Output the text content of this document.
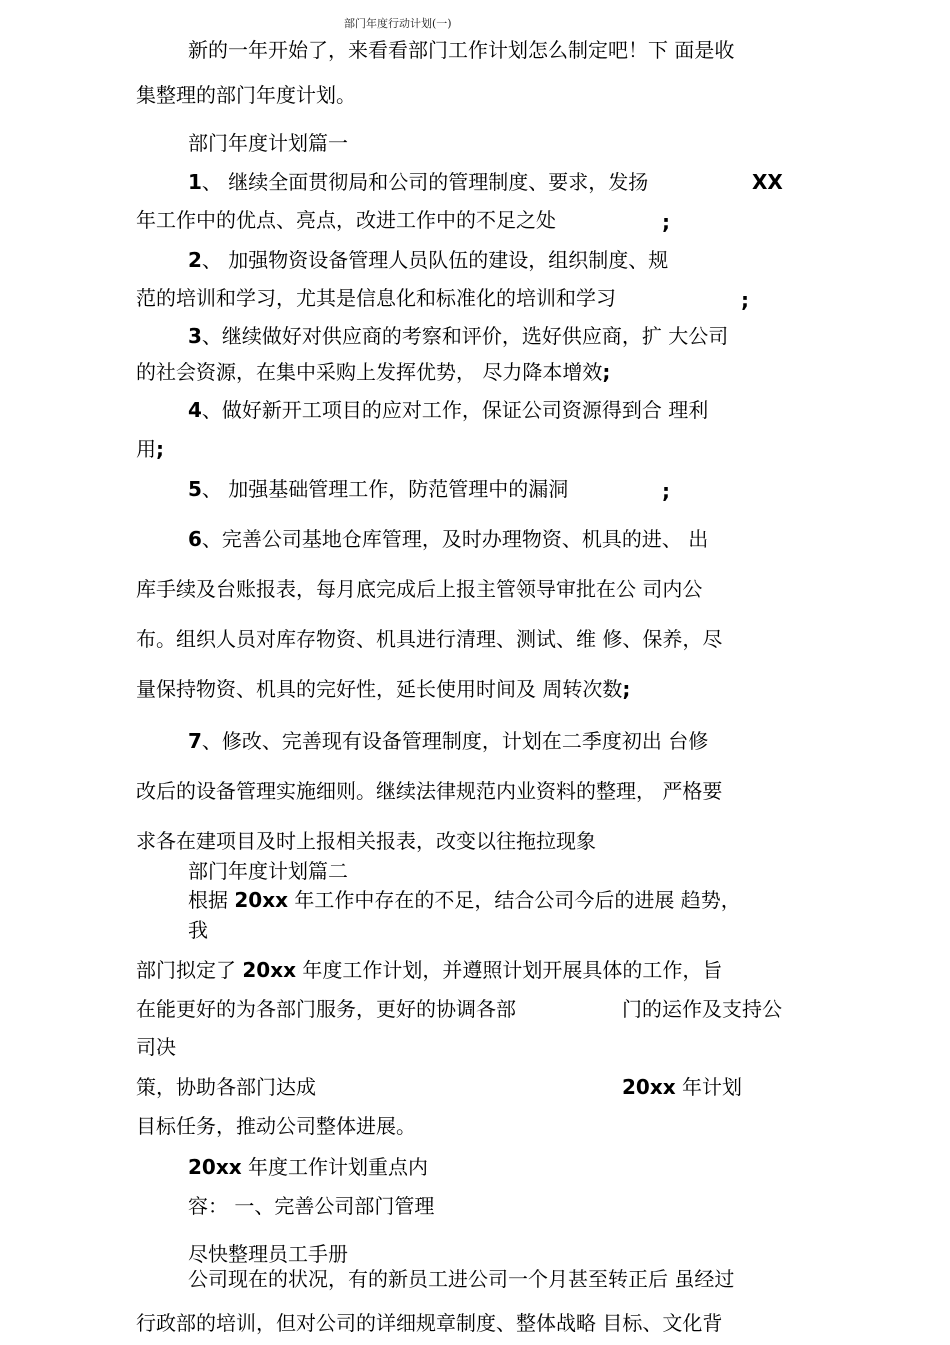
部门年度行动计划(一)
新的一年开始了，来看看部门工作计划怎么制定吧！下 面是收
集整理的部门年度计划。
部门年度计划篇一
1、 继续全面贯彻局和公司的管理制度、要求，发扬	XX
年工作中的优点、亮点，改进工作中的不足之处	;
2、 加强物资设备管理人员队伍的建设，组织制度、规
范的培训和学习，尤其是信息化和标准化的培训和学习	;
3、继续做好对供应商的考察和评价，选好供应商，扩 大公司
的社会资源，在集中采购上发挥优势， 尽力降本增效;
4、做好新开工项目的应对工作，保证公司资源得到合 理利
用;
5、 加强基础管理工作，防范管理中的漏洞	;
6、完善公司基地仓库管理，及时办理物资、机具的进、 出
库手续及台账报表，每月底完成后上报主管领导审批在公 司内公
布。组织人员对库存物资、机具进行清理、测试、维 修、保养，尽
量保持物资、机具的完好性，延长使用时间及 周转次数;
7、修改、完善现有设备管理制度，计划在二季度初出 台修
改后的设备管理实施细则。继续法律规范内业资料的整理， 严格要
求各在建项目及时上报相关报表，改变以往拖拉现象
部门年度计划篇二
根据 20xx 年工作中存在的不足，结合公司今后的进展 趋势，
我
部门拟定了 20xx 年度工作计划，并遵照计划开展具体的工作，旨
在能更好的为各部门服务，更好的协调各部	门的运作及支持公
司决
策，协助各部门达成	20xx 年计划
目标任务，推动公司整体进展。
20xx 年度工作计划重点内
容： 一、完善公司部门管理
尽快整理员工手册
公司现在的状况，有的新员工进公司一个月甚至转正后 虽经过
行政部的培训，但对公司的详细规章制度、整体战略 目标、文化背
